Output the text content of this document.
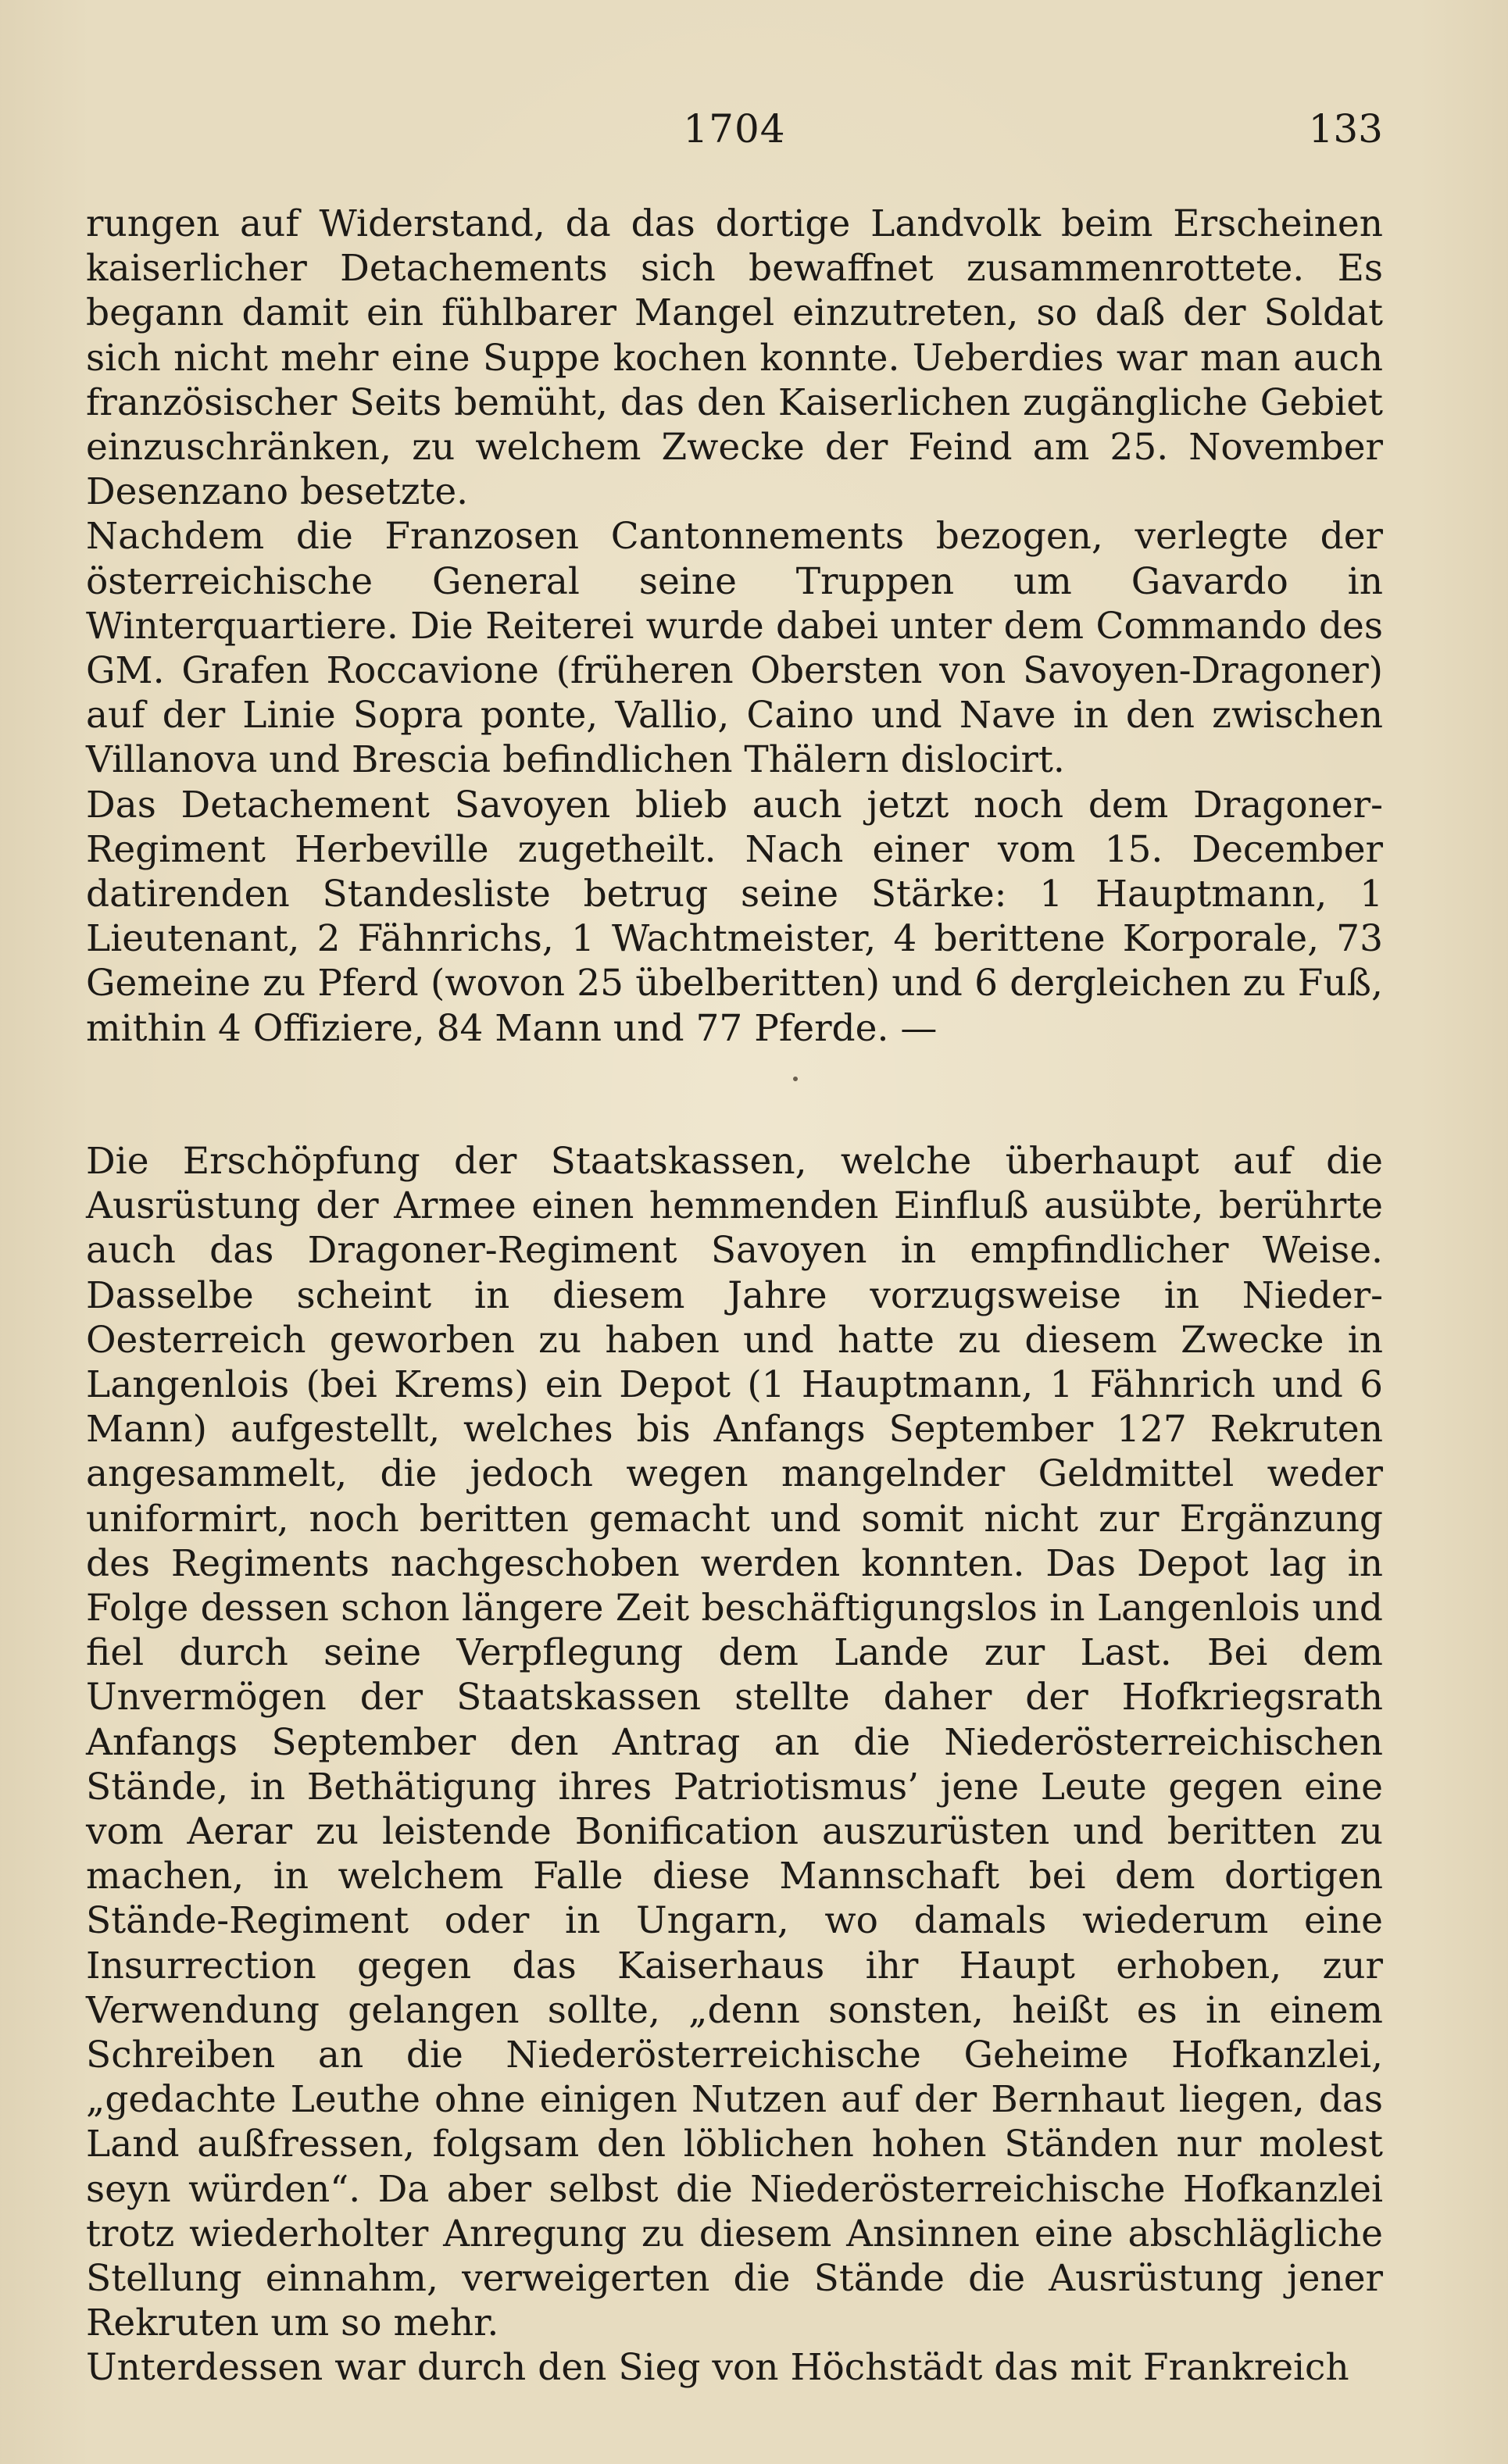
1704	133

rungen auf Widerstand, da das dortige Landvolk beim Erscheinen kaiserlicher Detachements sich bewaffnet zusammenrottete. Es begann damit ein fühlbarer Mangel einzutreten, so daß der Soldat sich nicht mehr eine Suppe kochen konnte. Ueberdies war man auch französischer Seits bemüht, das den Kaiserlichen zugängliche Gebiet einzuschränken, zu welchem Zwecke der Feind am 25. November Desenzano besetzte.

Nachdem die Franzosen Cantonnements bezogen, verlegte der österreichische General seine Truppen um Gavardo in Winterquartiere. Die Reiterei wurde dabei unter dem Commando des GM. Grafen Roccavione (früheren Obersten von Savoyen-Dragoner) auf der Linie Sopra ponte, Vallio, Caino und Nave in den zwischen Villanova und Brescia befindlichen Thälern dislocirt.

Das Detachement Savoyen blieb auch jetzt noch dem Dragoner-Regiment Herbeville zugetheilt. Nach einer vom 15. December datirenden Standesliste betrug seine Stärke: 1 Hauptmann, 1 Lieutenant, 2 Fähnrichs, 1 Wachtmeister, 4 berittene Korporale, 73 Gemeine zu Pferd (wovon 25 übelberitten) und 6 dergleichen zu Fuß, mithin 4 Offiziere, 84 Mann und 77 Pferde. —

Die Erschöpfung der Staatskassen, welche überhaupt auf die Ausrüstung der Armee einen hemmenden Einfluß ausübte, berührte auch das Dragoner-Regiment Savoyen in empfindlicher Weise. Dasselbe scheint in diesem Jahre vorzugsweise in Nieder-Oesterreich geworben zu haben und hatte zu diesem Zwecke in Langenlois (bei Krems) ein Depot (1 Hauptmann, 1 Fähnrich und 6 Mann) aufgestellt, welches bis Anfangs September 127 Rekruten angesammelt, die jedoch wegen mangelnder Geldmittel weder uniformirt, noch beritten gemacht und somit nicht zur Ergänzung des Regiments nachgeschoben werden konnten. Das Depot lag in Folge dessen schon längere Zeit beschäftigungslos in Langenlois und fiel durch seine Verpflegung dem Lande zur Last. Bei dem Unvermögen der Staatskassen stellte daher der Hofkriegsrath Anfangs September den Antrag an die Niederösterreichischen Stände, in Bethätigung ihres Patriotismus’ jene Leute gegen eine vom Aerar zu leistende Bonification auszurüsten und beritten zu machen, in welchem Falle diese Mannschaft bei dem dortigen Stände-Regiment oder in Ungarn, wo damals wiederum eine Insurrection gegen das Kaiserhaus ihr Haupt erhoben, zur Verwendung gelangen sollte, „denn sonsten, heißt es in einem Schreiben an die Niederösterreichische Geheime Hofkanzlei, „gedachte Leuthe ohne einigen Nutzen auf der Bernhaut liegen, das Land außfressen, folgsam den löblichen hohen Ständen nur molest seyn würden“. Da aber selbst die Niederösterreichische Hofkanzlei trotz wiederholter Anregung zu diesem Ansinnen eine abschlägliche Stellung einnahm, verweigerten die Stände die Ausrüstung jener Rekruten um so mehr.

Unterdessen war durch den Sieg von Höchstädt das mit Frankreich
